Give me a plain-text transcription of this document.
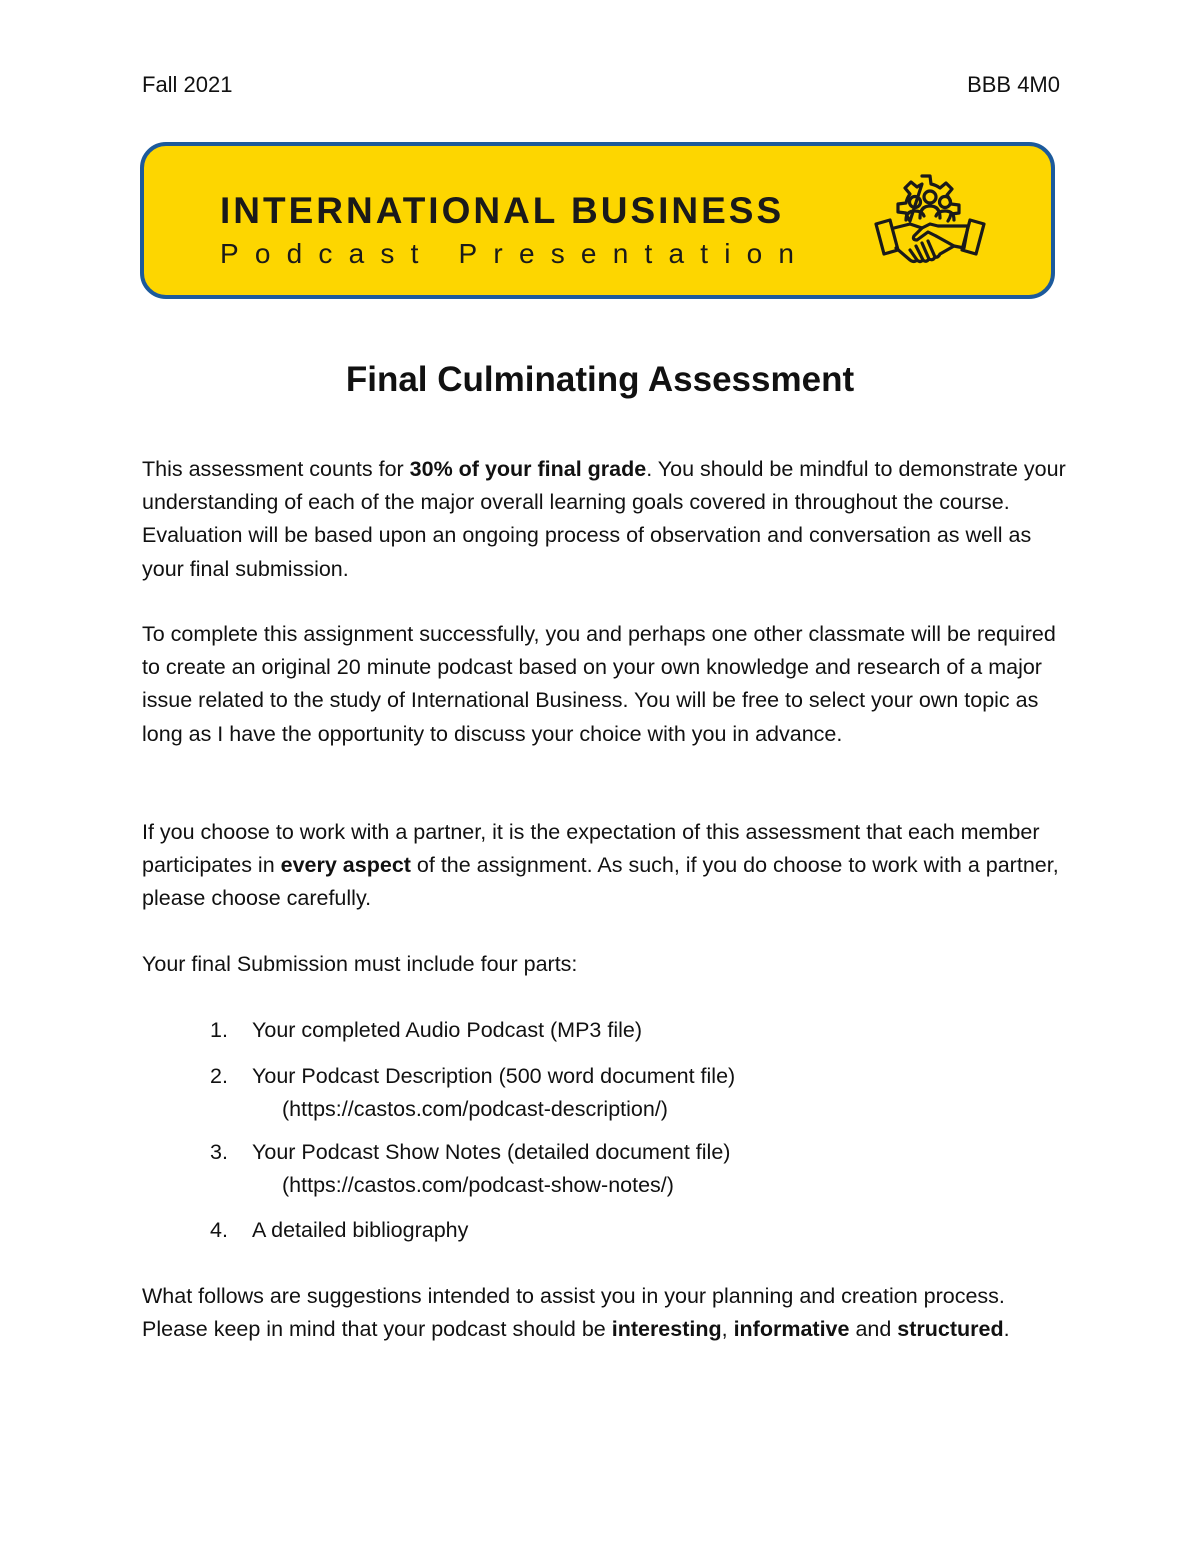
Fall 2021	BBB 4M0
INTERNATIONAL BUSINESS
Podcast Presentation
Final Culminating Assessment

This assessment counts for 30% of your final grade. You should be mindful to demonstrate your understanding of each of the major overall learning goals covered in throughout the course. Evaluation will be based upon an ongoing process of observation and conversation as well as your final submission.

To complete this assignment successfully, you and perhaps one other classmate will be required to create an original 20 minute podcast based on your own knowledge and research of a major issue related to the study of International Business. You will be free to select your own topic as long as I have the opportunity to discuss your choice with you in advance.

If you choose to work with a partner, it is the expectation of this assessment that each member participates in every aspect of the assignment. As such, if you do choose to work with a partner, please choose carefully.

Your final Submission must include four parts:

1.	Your completed Audio Podcast (MP3 file)
2.	Your Podcast Description (500 word document file)
(https://castos.com/podcast-description/)
3.	Your Podcast Show Notes (detailed document file)
(https://castos.com/podcast-show-notes/)
4.	A detailed bibliography

What follows are suggestions intended to assist you in your planning and creation process. Please keep in mind that your podcast should be interesting, informative and structured.
